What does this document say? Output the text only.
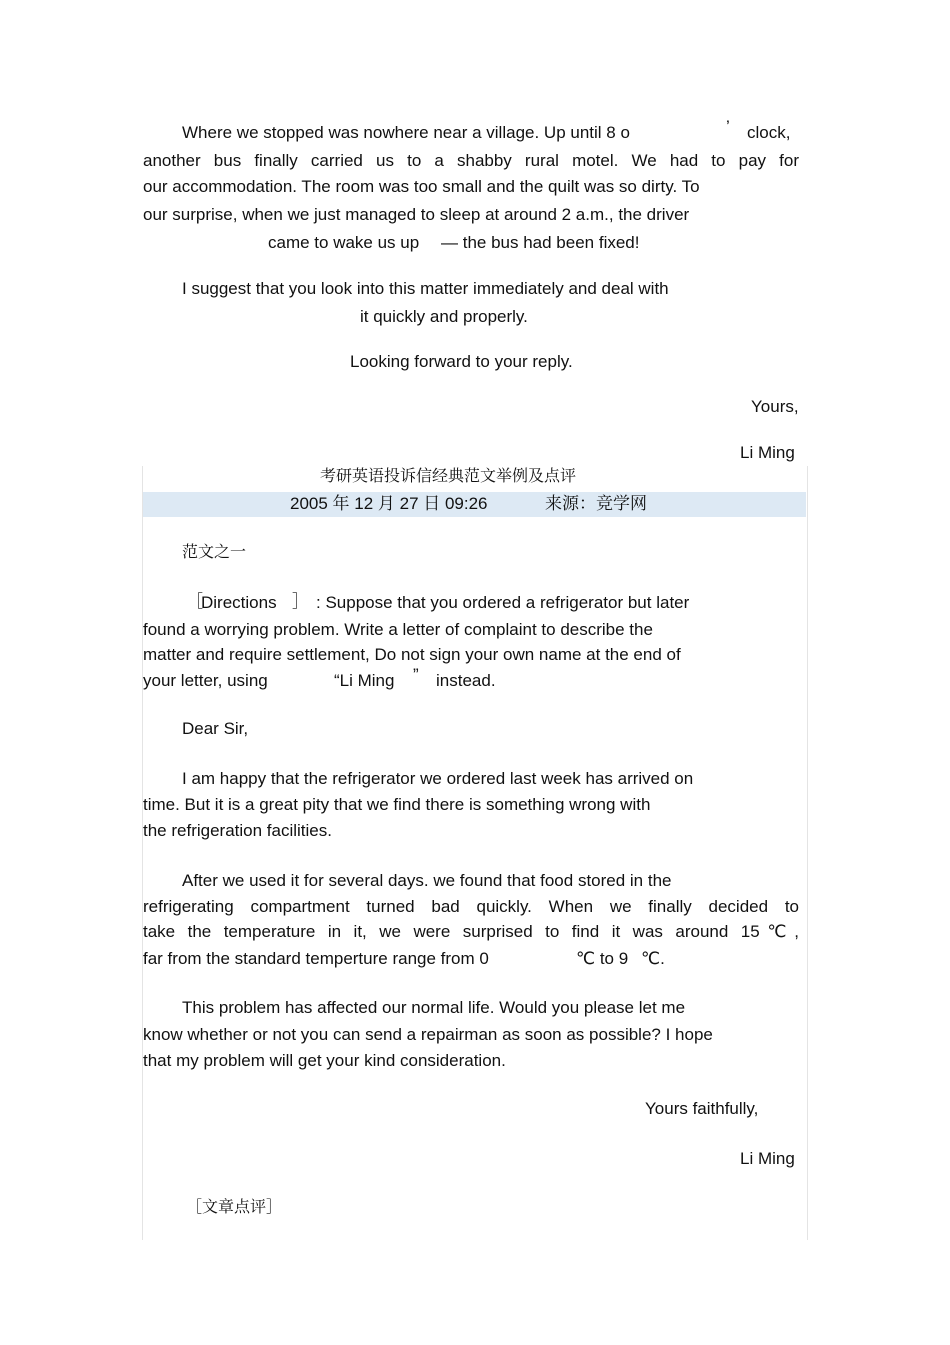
Where we stopped was nowhere near a village. Up until 8 o	’ clock,
another bus finally carried us to a shabby rural motel. We had to pay for
our accommodation. The room was too small and the quilt was so dirty. To
our surprise, when we just managed to sleep at around 2 a.m., the driver
came to wake us up — the bus had been fixed!
I suggest that you look into this matter immediately and deal with
it quickly and properly.
Looking forward to your reply.
Yours,
Li Ming
考研英语投诉信经典范文举例及点评
2005 年 12 月 27 日 09:26	来源：竞学网
范文之一
［
Directions ］ : Suppose that you ordered a refrigerator but later
found a worrying problem. Write a letter of complaint to describe the
matter and require settlement, Do not sign your own name at the end of
your letter, using	“Li Ming ” instead.
Dear Sir,
I am happy that the refrigerator we ordered last week has arrived on
time. But it is a great pity that we find there is something wrong with
the refrigeration facilities.
After we used it for several days. we found that food stored in the
refrigerating compartment turned bad quickly. When we finally decided to
take the temperature in it, we were surprised to find it was around 15℃,
far from the standard temperture range from 0	℃ to 9 ℃.
This problem has affected our normal life. Would you please let me
know whether or not you can send a repairman as soon as possible? I hope
that my problem will get your kind consideration.
Yours faithfully,
Li Ming
［文章点评］
